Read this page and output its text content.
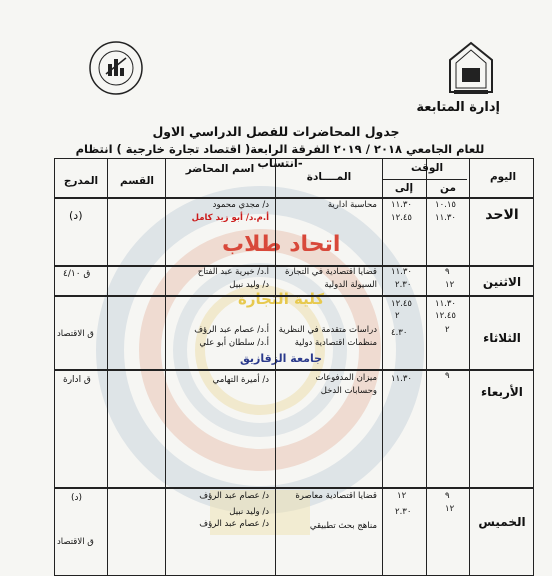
اتحاد طلاب
كلية التجارة
جامعة الزقازيق
إدارة المتابعة
جدول المحاضرات للفصل الدراسي الاول
للعام الجامعي ٢٠١٨ / ٢٠١٩ الفرقة الرابعة( اقتصاد تجارة خارجية ) انتظام -انتساب
اليوم
الوقت
من
إلى
المــــادة
اسم المحاضر
القسم
المدرج
الاحد
١٠.١٥
١١.٣٠
محاسبة ادارية
د/ مجدي محمود
١١.٣٠
١٢.٤٥
أ.م.د/ أبو زيد كامل
(د)
الاثنين
٩
١١.٣٠
قضايا اقتصادية في التجارة
أ.د/ خيرية عبد الفتاح
١٢
٢.٣٠
السيولة الدولية
د/ وليد نبيل
ق ٤/١٠
الثلاثاء
١١.٣٠
١٢.٤٥
١٢.٤٥
٢
٢
٤.٣٠
دراسات متقدمة في النظرية
أ.د/ عصام عبد الرؤف
منظمات اقتصادية دولية
أ.د/ سلطان أبو علي
ق الاقتصاد
الأربعاء
٩
١١.٣٠
ميزان المدفوعات
د/ أميرة التهامي
وحسابات الدخل
ق ادارة
الخميس
٩
١٢
قضايا اقتصادية معاصرة
د/ عصام عبد الرؤف
١٢
٢.٣٠
د/ وليد نبيل
مناهج بحث تطبيقي
د/ عصام عبد الرؤف
(د)
ق الاقتصاد
